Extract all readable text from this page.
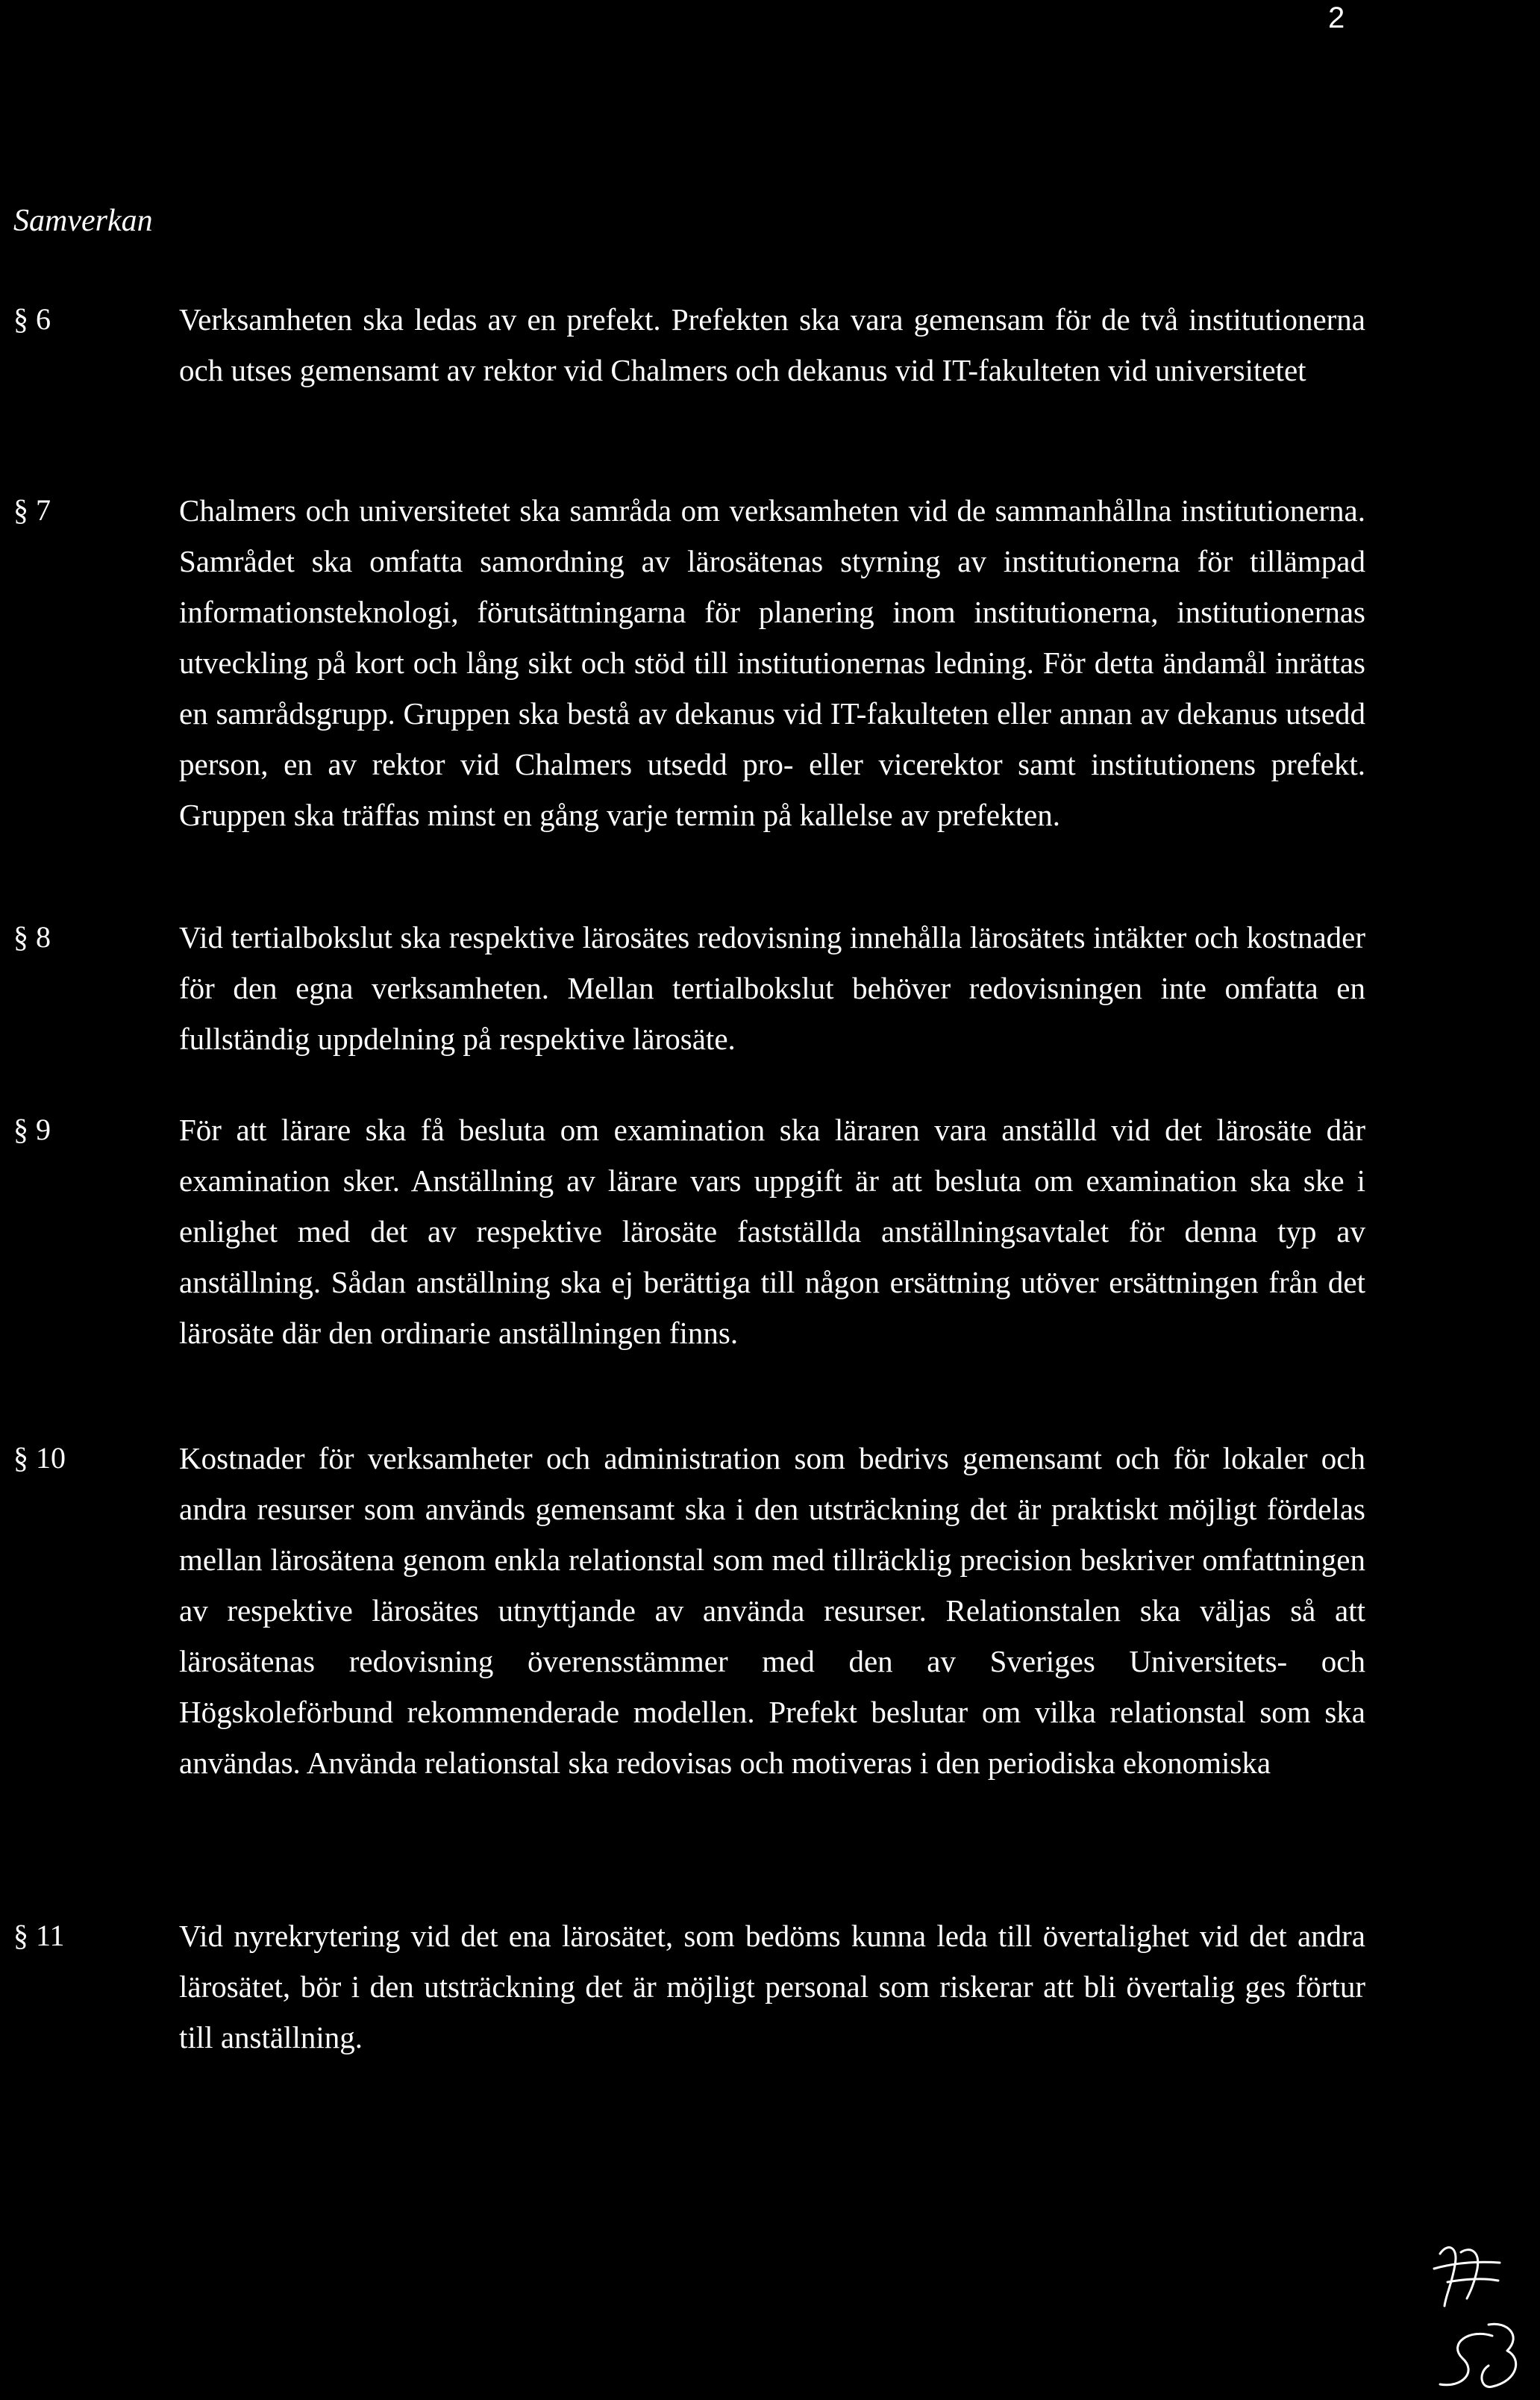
2
Samverkan
§ 6	Verksamheten ska ledas av en prefekt. Prefekten ska vara gemensam för de två institutionerna och utses gemensamt av rektor vid Chalmers och dekanus vid IT-fakulteten vid universitetet
§ 7	Chalmers och universitetet ska samråda om verksamheten vid de sammanhållna institutionerna. Samrådet ska omfatta samordning av lärosätenas styrning av institutionerna för tillämpad informationsteknologi, förutsättningarna för planering inom institutionerna, institutionernas utveckling på kort och lång sikt och stöd till institutionernas ledning. För detta ändamål inrättas en samrådsgrupp. Gruppen ska bestå av dekanus vid IT-fakulteten eller annan av dekanus utsedd person, en av rektor vid Chalmers utsedd pro- eller vicerektor samt institutionens prefekt. Gruppen ska träffas minst en gång varje termin på kallelse av prefekten.
§ 8	Vid tertialbokslut ska respektive lärosätes redovisning innehålla lärosätets intäkter och kostnader för den egna verksamheten. Mellan tertialbokslut behöver redovisningen inte omfatta en fullständig uppdelning på respektive lärosäte.
§ 9	För att lärare ska få besluta om examination ska läraren vara anställd vid det lärosäte där examination sker. Anställning av lärare vars uppgift är att besluta om examination ska ske i enlighet med det av respektive lärosäte fastställda anställningsavtalet för denna typ av anställning. Sådan anställning ska ej berättiga till någon ersättning utöver ersättningen från det lärosäte där den ordinarie anställningen finns.
§ 10	Kostnader för verksamheter och administration som bedrivs gemensamt och för lokaler och andra resurser som används gemensamt ska i den utsträckning det är praktiskt möjligt fördelas mellan lärosätena genom enkla relationstal som med tillräcklig precision beskriver omfattningen av respektive lärosätes utnyttjande av använda resurser. Relationstalen ska väljas så att lärosätenas redovisning överensstämmer med den av Sveriges Universitets- och Högskoleförbund rekommenderade modellen. Prefekt beslutar om vilka relationstal som ska användas. Använda relationstal ska redovisas och motiveras i den periodiska ekonomiska
§ 11	Vid nyrekrytering vid det ena lärosätet, som bedöms kunna leda till övertalighet vid det andra lärosätet, bör i den utsträckning det är möjligt personal som riskerar att bli övertalig ges förtur till anställning.
